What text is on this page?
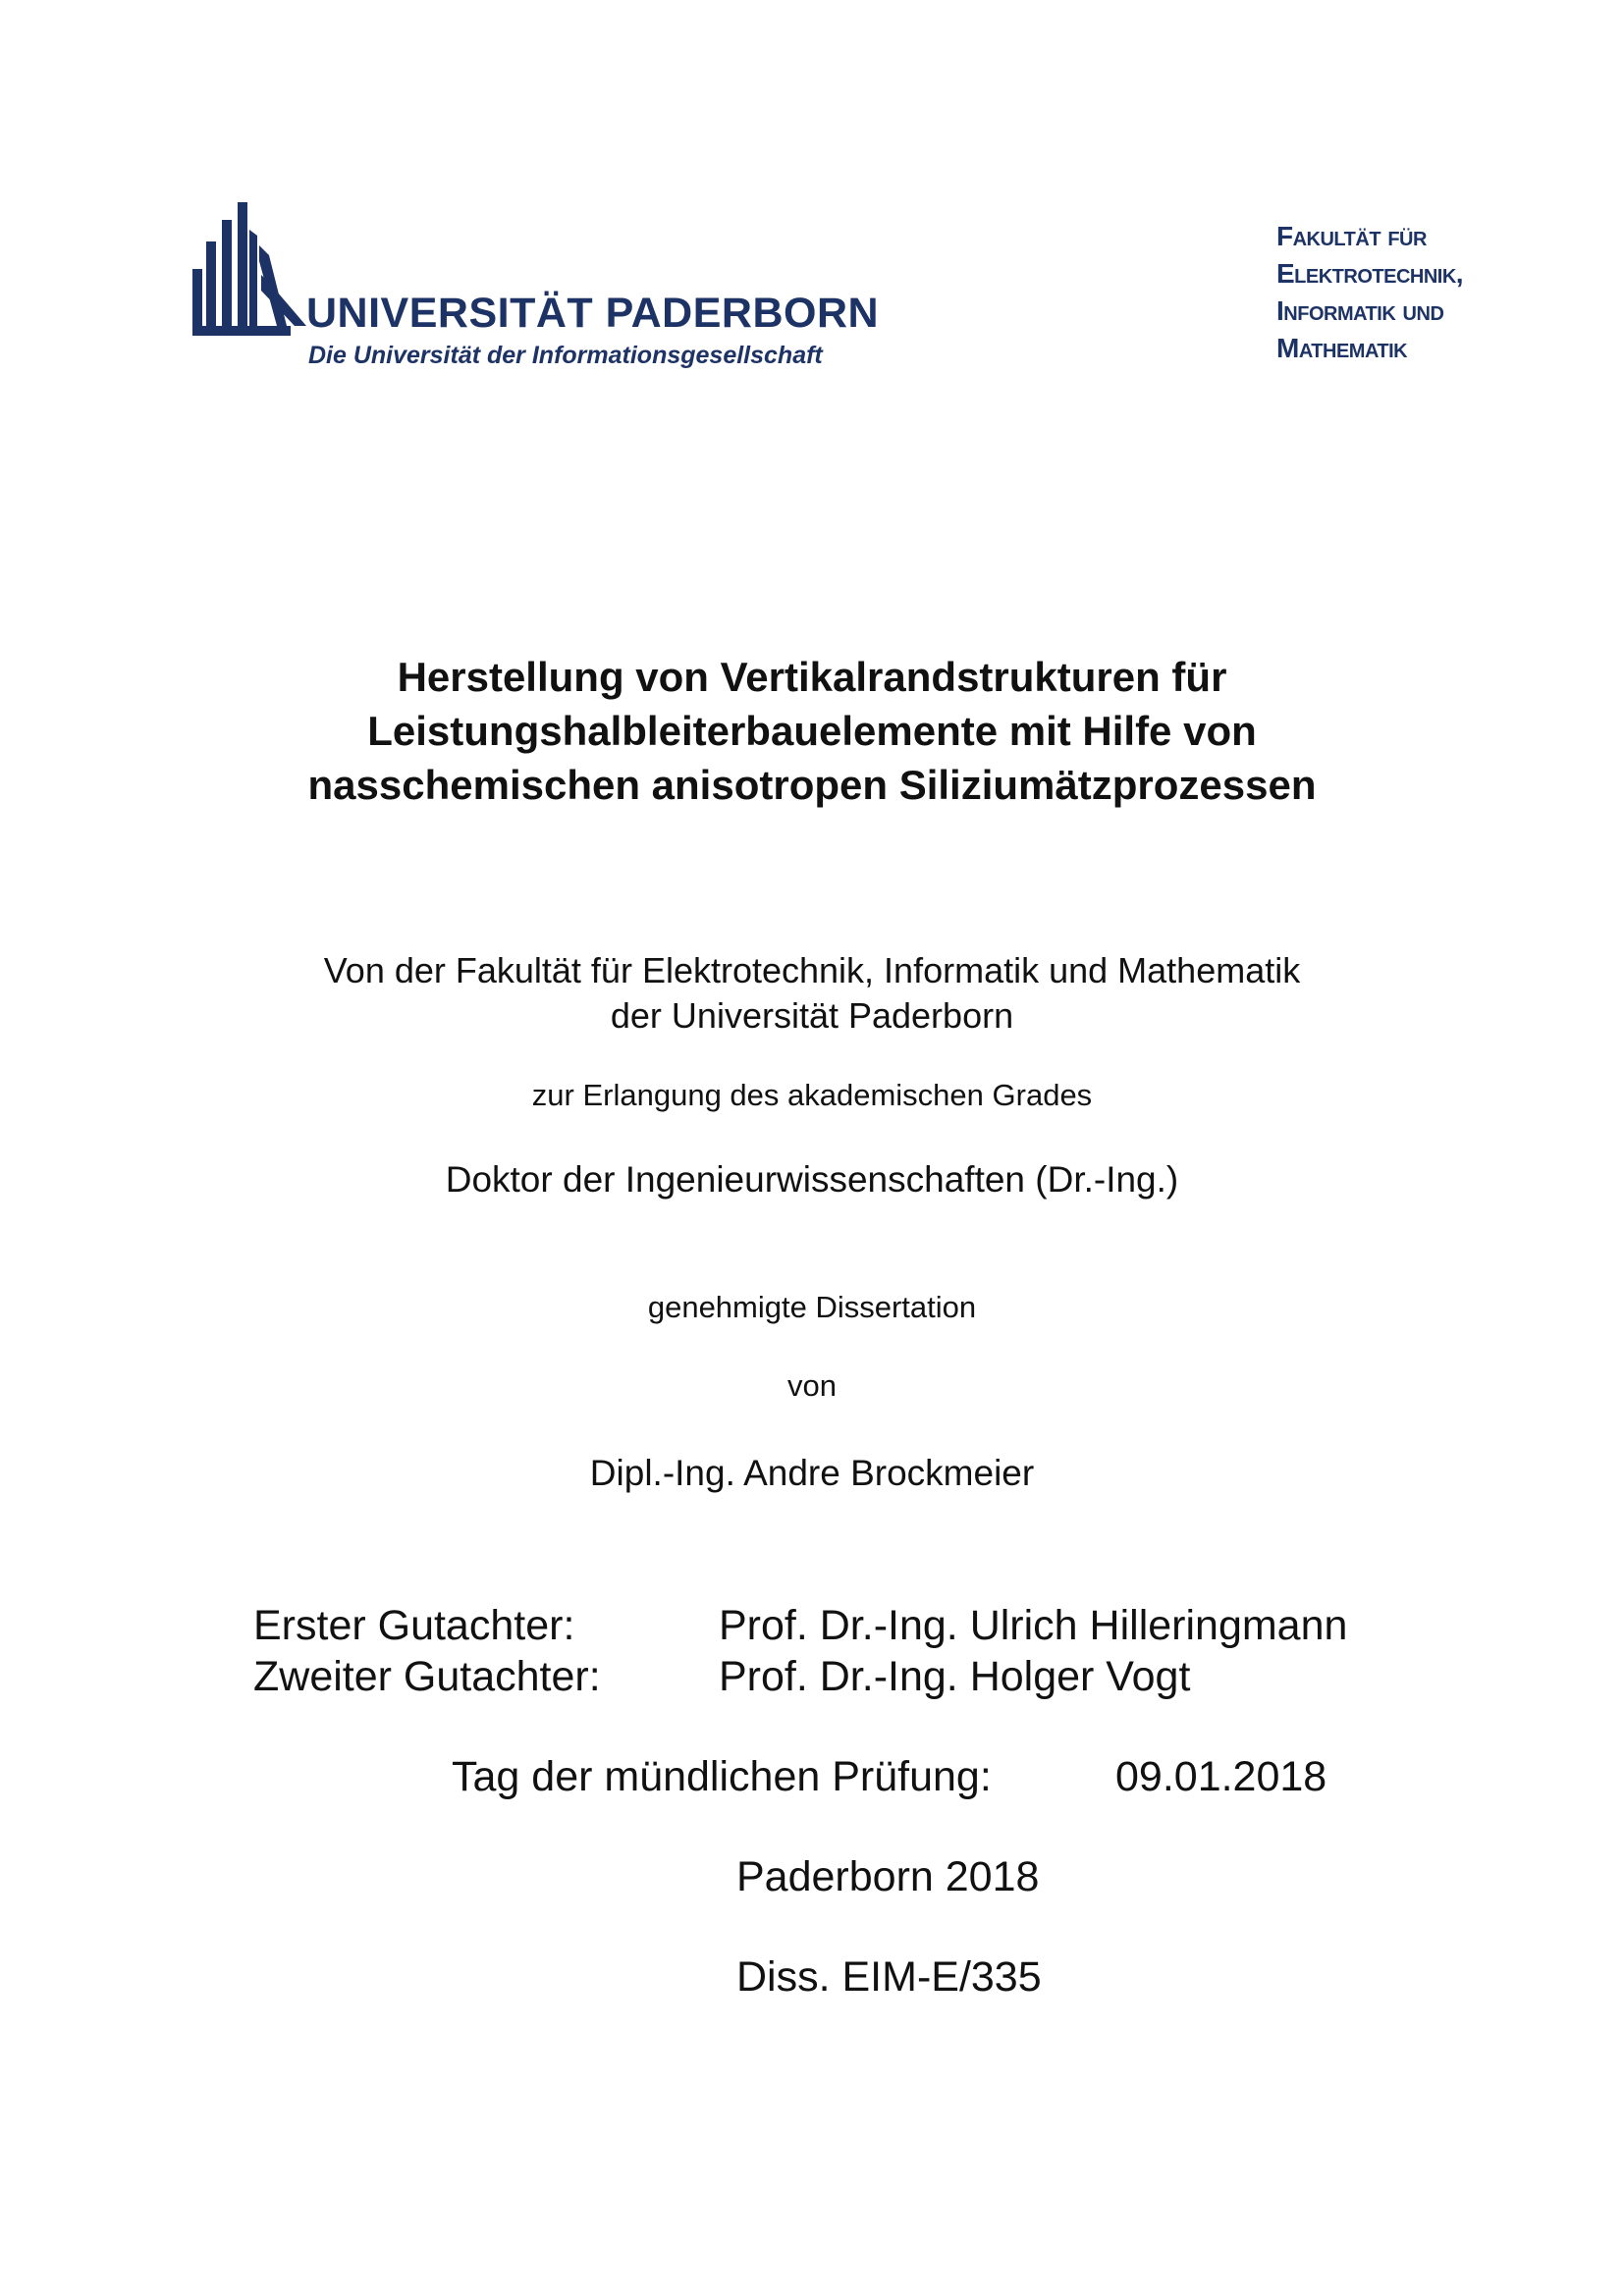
UNIVERSITÄT PADERBORN
Die Universität der Informationsgesellschaft
Fakultät für
Elektrotechnik,
Informatik und
Mathematik
Herstellung von Vertikalrandstrukturen für
Leistungshalbleiterbauelemente mit Hilfe von
nasschemischen anisotropen Siliziumätzprozessen
Von der Fakultät für Elektrotechnik, Informatik und Mathematik
der Universität Paderborn
zur Erlangung des akademischen Grades
Doktor der Ingenieurwissenschaften (Dr.-Ing.)
genehmigte Dissertation
von
Dipl.-Ing. Andre Brockmeier
Erster Gutachter:	Prof. Dr.-Ing. Ulrich Hilleringmann
Zweiter Gutachter:	Prof. Dr.-Ing. Holger Vogt
Tag der mündlichen Prüfung:	09.01.2018
Paderborn 2018
Diss. EIM-E/335
